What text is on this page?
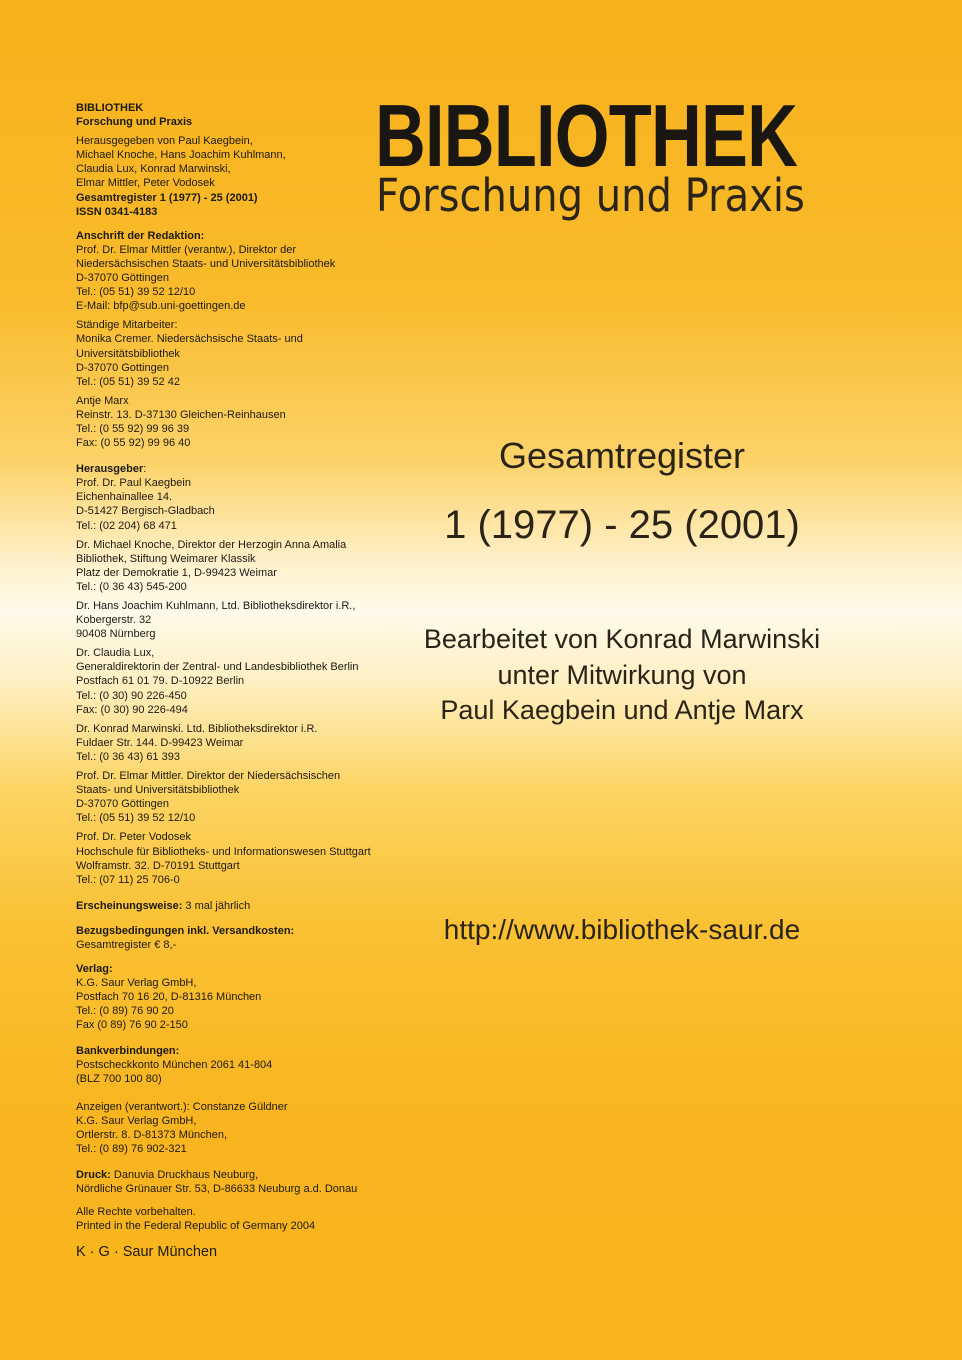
BIBLIOTHEK
Forschung und Praxis
Herausgegeben von Paul Kaegbein,
Michael Knoche, Hans Joachim Kuhlmann,
Claudia Lux, Konrad Marwinski,
Elmar Mittler, Peter Vodosek
Gesamtregister 1 (1977) - 25 (2001)
ISSN 0341-4183
Anschrift der Redaktion:
Prof. Dr. Elmar Mittler (verantw.), Direktor der
Niedersächsischen Staats- und Universitätsbibliothek
D-37070 Göttingen
Tel.: (05 51) 39 52 12/10
E-Mail: bfp@sub.uni-goettingen.de
Ständige Mitarbeiter:
Monika Cremer. Niedersächsische Staats- und
Universitätsbibliothek
D-37070 Gottingen
Tel.: (05 51) 39 52 42
Antje Marx
Reinstr. 13. D-37130 Gleichen-Reinhausen
Tel.: (0 55 92) 99 96 39
Fax: (0 55 92) 99 96 40
Herausgeber:
Prof. Dr. Paul Kaegbein
Eichenhainallee 14.
D-51427 Bergisch-Gladbach
Tel.: (02 204) 68 471
Dr. Michael Knoche, Direktor der Herzogin Anna Amalia
Bibliothek, Stiftung Weimarer Klassik
Platz der Demokratie 1, D-99423 Weimar
Tel.: (0 36 43) 545-200
Dr. Hans Joachim Kuhlmann, Ltd. Bibliotheksdirektor i.R.,
Kobergerstr. 32
90408 Nürnberg
Dr. Claudia Lux,
Generaldirektorin der Zentral- und Landesbibliothek Berlin
Postfach 61 01 79. D-10922 Berlin
Tel.: (0 30) 90 226-450
Fax: (0 30) 90 226-494
Dr. Konrad Marwinski. Ltd. Bibliotheksdirektor i.R.
Fuldaer Str. 144. D-99423 Weimar
Tel.: (0 36 43) 61 393
Prof. Dr. Elmar Mittler. Direktor der Niedersächsischen
Staats- und Universitätsbibliothek
D-37070 Göttingen
Tel.: (05 51) 39 52 12/10
Prof. Dr. Peter Vodosek
Hochschule für Bibliotheks- und Informationswesen Stuttgart
Wolframstr. 32. D-70191 Stuttgart
Tel.: (07 11) 25 706-0
Erscheinungsweise: 3 mal jährlich
Bezugsbedingungen inkl. Versandkosten:
Gesamtregister € 8,-
Verlag:
K.G. Saur Verlag GmbH,
Postfach 70 16 20, D-81316 München
Tel.: (0 89) 76 90 20
Fax (0 89) 76 90 2-150
Bankverbindungen:
Postscheckkonto München 2061 41-804
(BLZ 700 100 80)
Anzeigen (verantwort.): Constanze Güldner
K.G. Saur Verlag GmbH,
Ortlerstr. 8. D-81373 München,
Tel.: (0 89) 76 902-321
Druck: Danuvia Druckhaus Neuburg,
Nördliche Grünauer Str. 53, D-86633 Neuburg a.d. Donau
Alle Rechte vorbehalten.
Printed in the Federal Republic of Germany 2004
K · G · Saur München
BIBLIOTHEK
Forschung und Praxis
Gesamtregister
1 (1977) - 25 (2001)
Bearbeitet von Konrad Marwinski
unter Mitwirkung von
Paul Kaegbein und Antje Marx
http://www.bibliothek-saur.de
